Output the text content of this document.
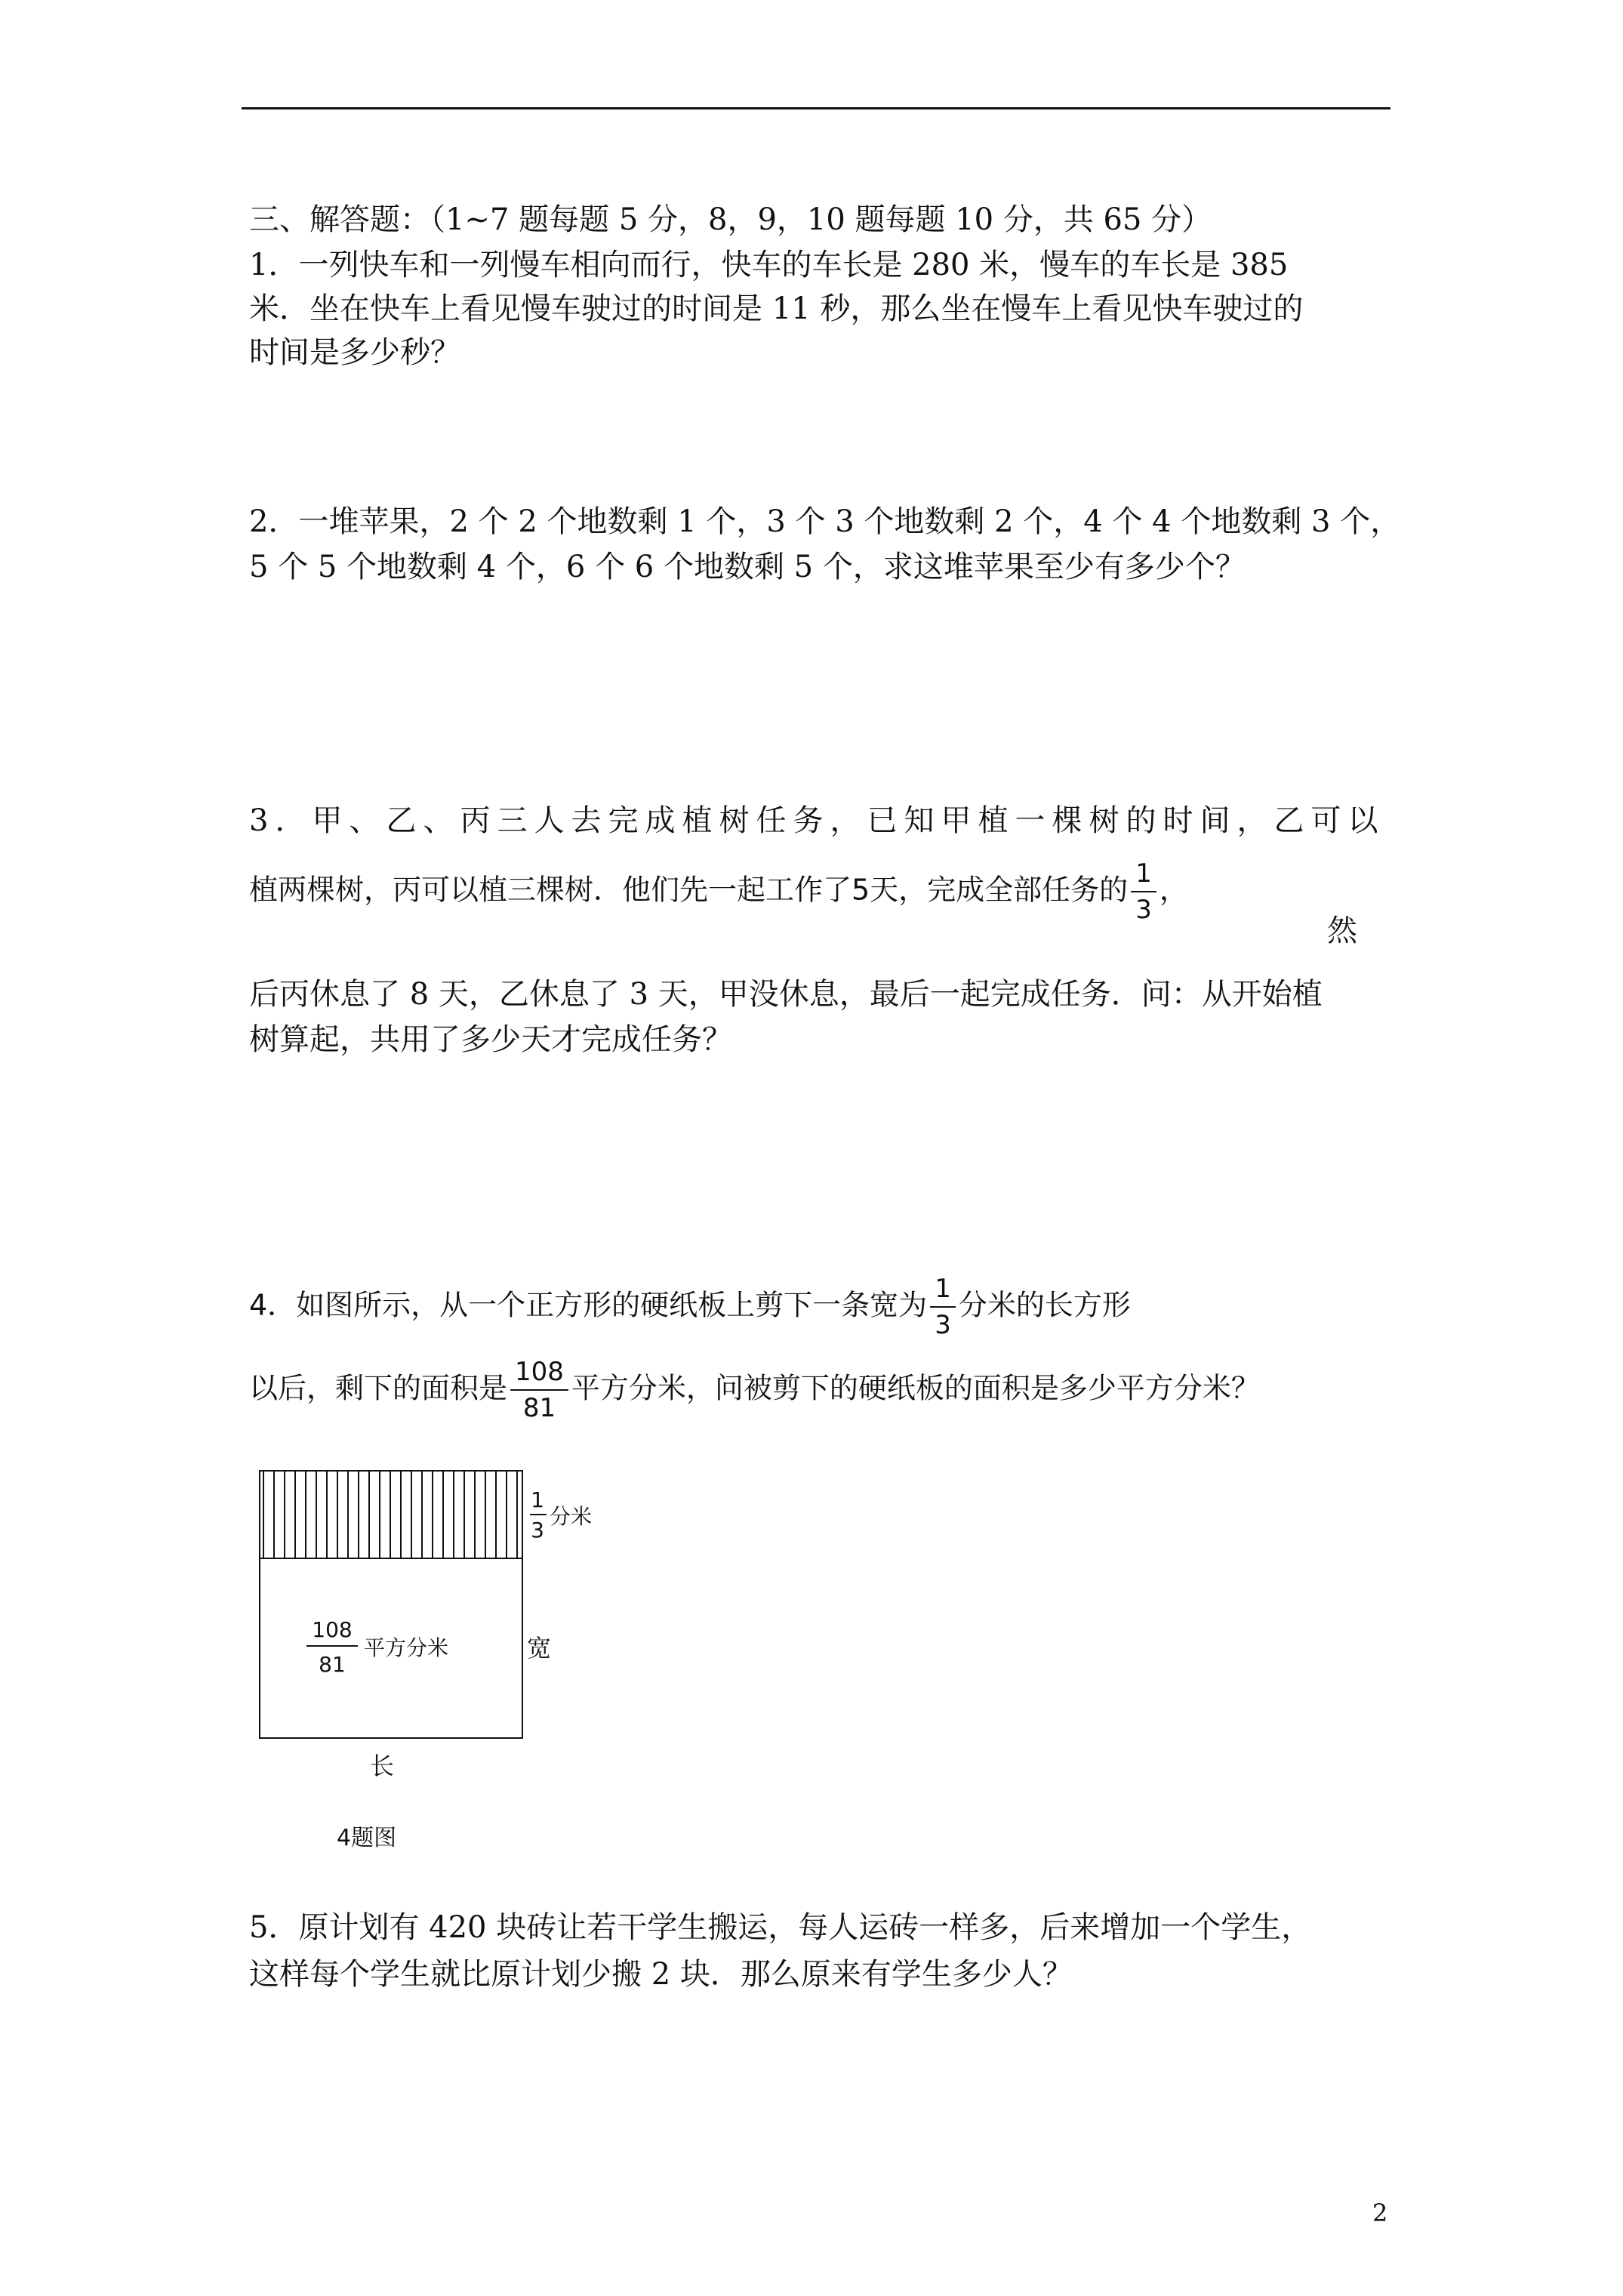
三、解答题：（1~7 题每题 5 分，8，9，10 题每题 10 分，共 65 分）
1．一列快车和一列慢车相向而行，快车的车长是 280 米，慢车的车长是 385
米．坐在快车上看见慢车驶过的时间是 11 秒，那么坐在慢车上看见快车驶过的
时间是多少秒？
2．一堆苹果，2 个 2 个地数剩 1 个，3 个 3 个地数剩 2 个，4 个 4 个地数剩 3 个，
5 个 5 个地数剩 4 个，6 个 6 个地数剩 5 个，求这堆苹果至少有多少个？
3．甲、乙、丙三人去完成植树任务，已知甲植一棵树的时间，乙可以
植两棵树，丙可以植三棵树．他们先一起工作了5天，完成全部任务的 $\frac{1}{3}$ ，
然
后丙休息了 8 天，乙休息了 3 天，甲没休息，最后一起完成任务．问：从开始植
树算起，共用了多少天才完成任务？
4．如图所示，从一个正方形的硬纸板上剪下一条宽为 $\frac{1}{3}$ 分米的长方形
以后，剩下的面积是 $\frac{108}{81}$ 平方分米，问被剪下的硬纸板的面积是多少平方分米？
1
3
分米
108
81
平方分米	宽
长
4题图
5．原计划有 420 块砖让若干学生搬运，每人运砖一样多，后来增加一个学生，
这样每个学生就比原计划少搬 2 块．那么原来有学生多少人？
2
